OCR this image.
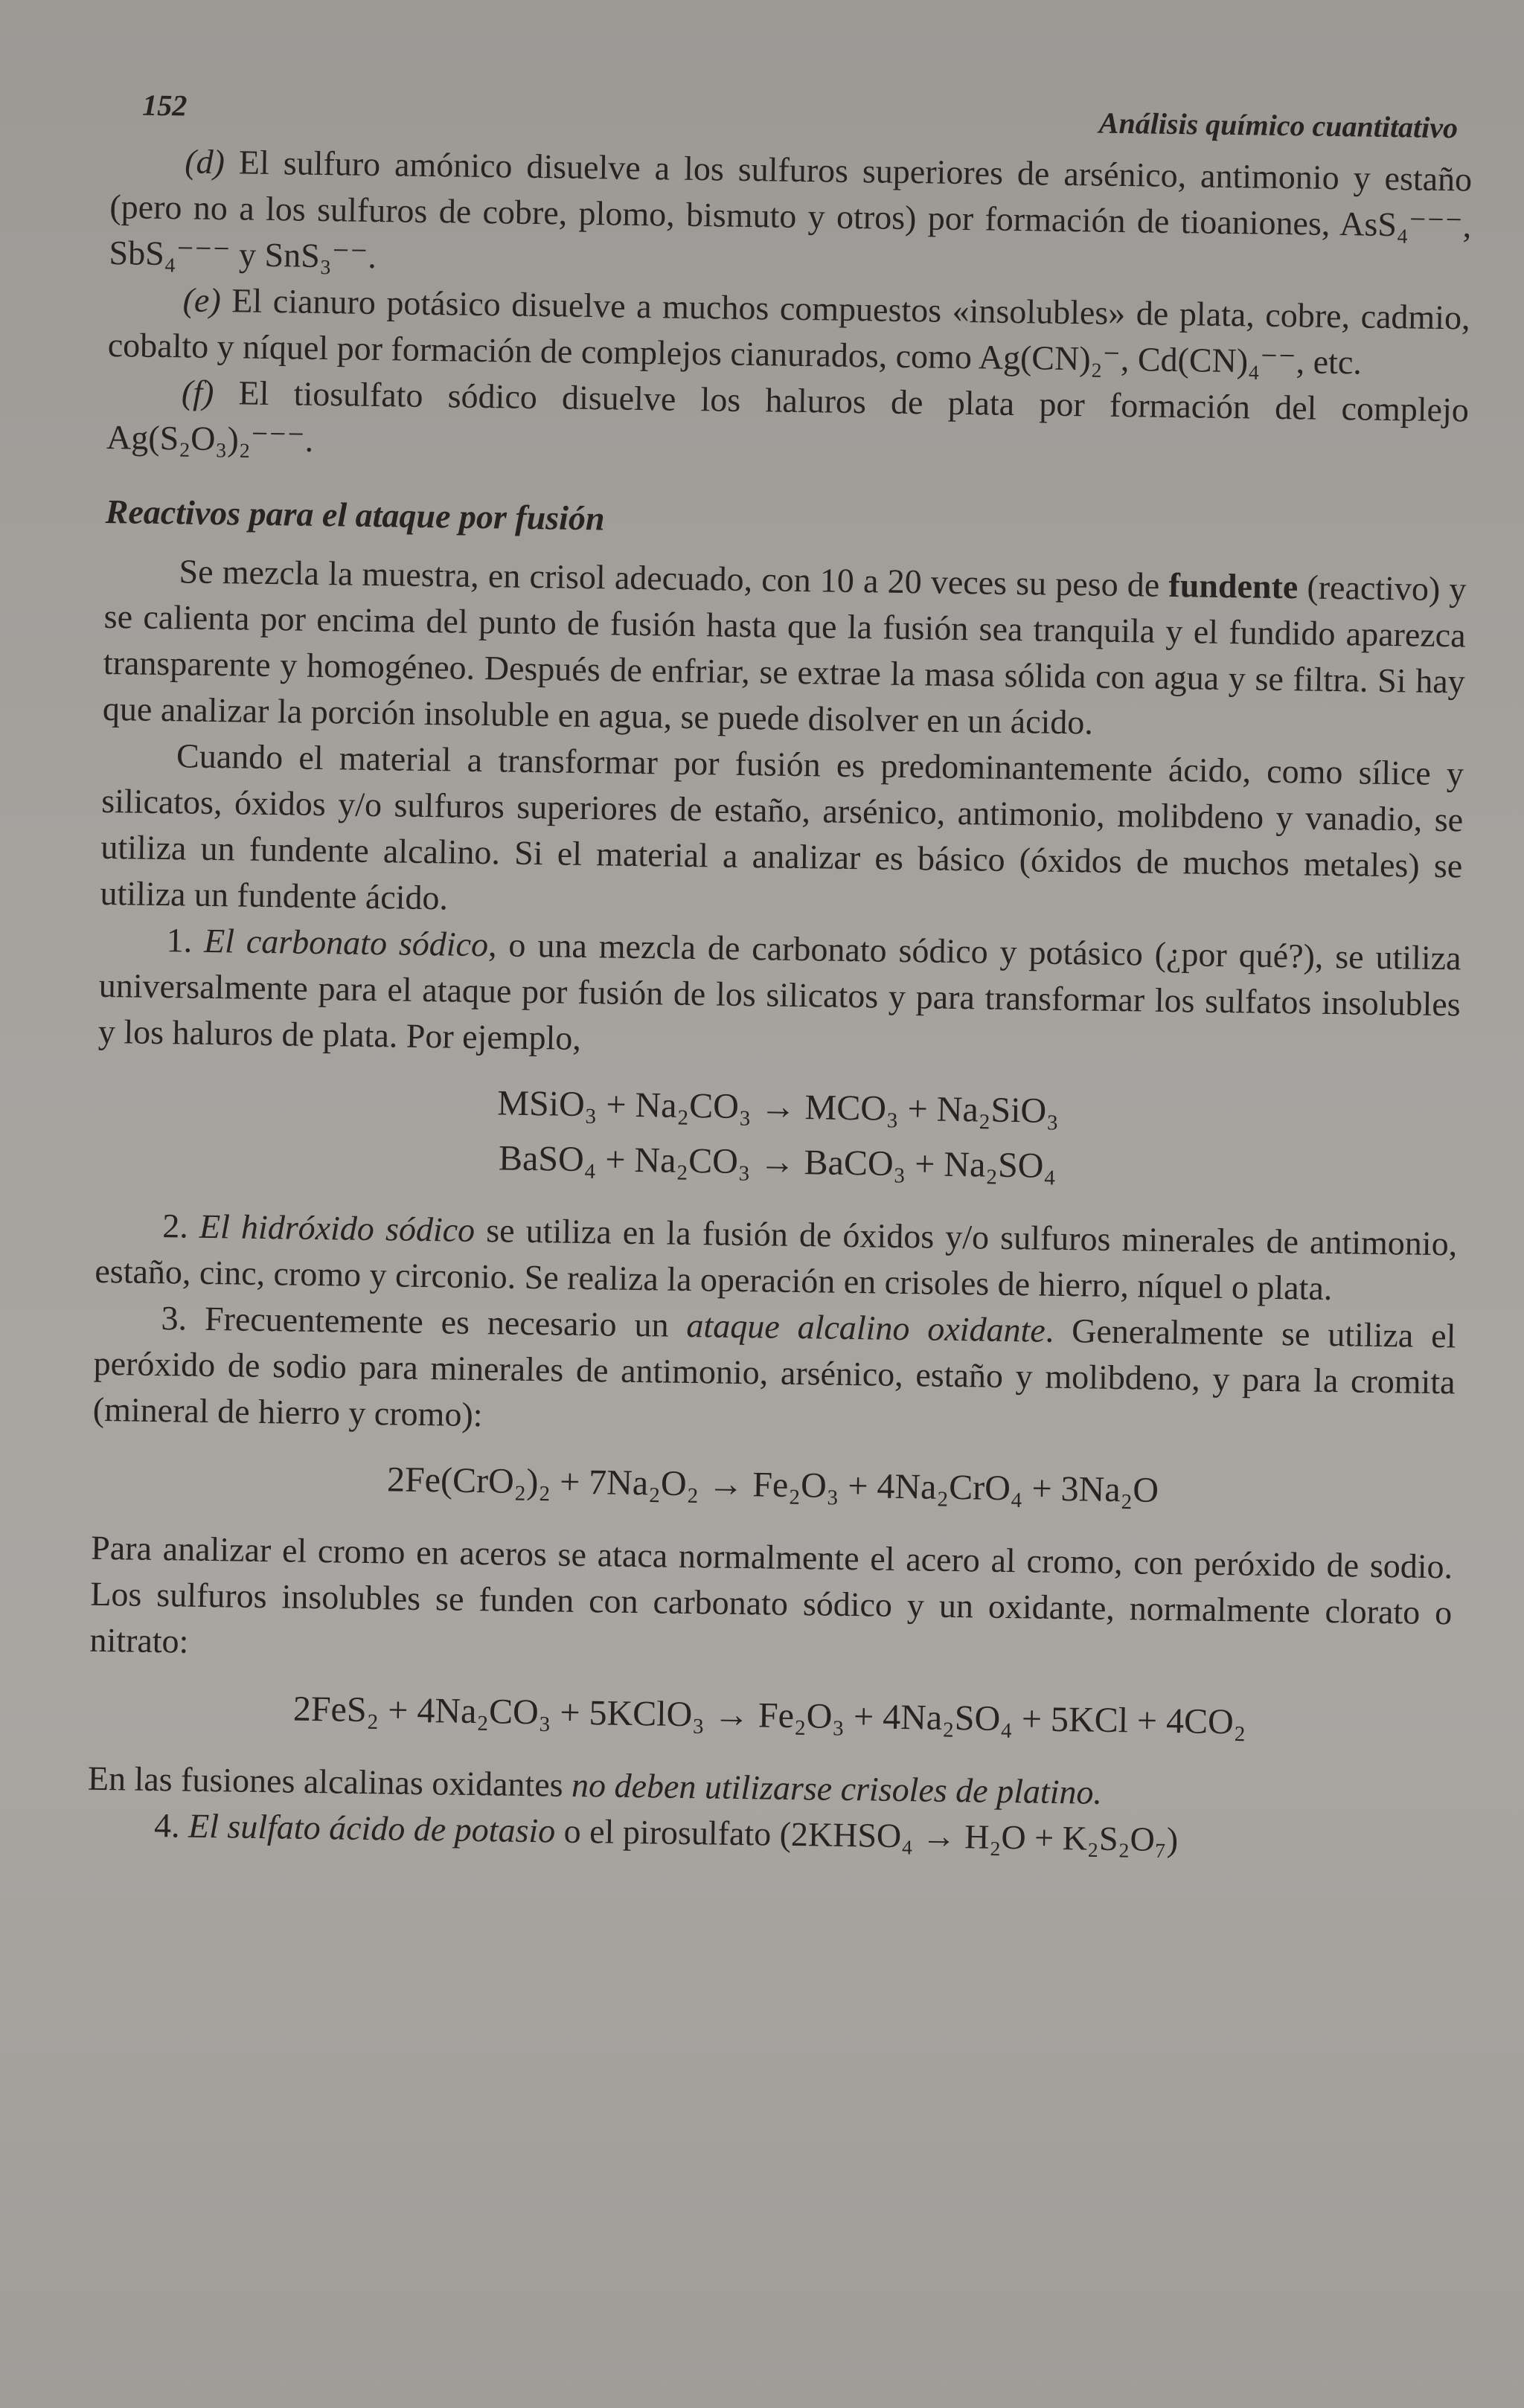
152
Análisis químico cuantitativo

(d) El sulfuro amónico disuelve a los sulfuros superiores de arsénico, antimonio y estaño (pero no a los sulfuros de cobre, plomo, bismuto y otros) por formación de tioaniones, AsS₄⁻⁻⁻, SbS₄⁻⁻⁻ y SnS₃⁻⁻.

(e) El cianuro potásico disuelve a muchos compuestos «insolubles» de plata, cobre, cadmio, cobalto y níquel por formación de complejos cianurados, como Ag(CN)₂⁻, Cd(CN)₄⁻⁻, etc.

(f) El tiosulfato sódico disuelve los haluros de plata por formación del complejo Ag(S₂O₃)₂⁻⁻⁻.

Reactivos para el ataque por fusión

Se mezcla la muestra, en crisol adecuado, con 10 a 20 veces su peso de fundente (reactivo) y se calienta por encima del punto de fusión hasta que la fusión sea tranquila y el fundido aparezca transparente y homogéneo. Después de enfriar, se extrae la masa sólida con agua y se filtra. Si hay que analizar la porción insoluble en agua, se puede disolver en un ácido.

Cuando el material a transformar por fusión es predominantemente ácido, como sílice y silicatos, óxidos y/o sulfuros superiores de estaño, arsénico, antimonio, molibdeno y vanadio, se utiliza un fundente alcalino. Si el material a analizar es básico (óxidos de muchos metales) se utiliza un fundente ácido.

1. El carbonato sódico, o una mezcla de carbonato sódico y potásico (¿por qué?), se utiliza universalmente para el ataque por fusión de los silicatos y para transformar los sulfatos insolubles y los haluros de plata. Por ejemplo,

MSiO₃ + Na₂CO₃ → MCO₃ + Na₂SiO₃
BaSO₄ + Na₂CO₃ → BaCO₃ + Na₂SO₄

2. El hidróxido sódico se utiliza en la fusión de óxidos y/o sulfuros minerales de antimonio, estaño, cinc, cromo y circonio. Se realiza la operación en crisoles de hierro, níquel o plata.

3. Frecuentemente es necesario un ataque alcalino oxidante. Generalmente se utiliza el peróxido de sodio para minerales de antimonio, arsénico, estaño y molibdeno, y para la cromita (mineral de hierro y cromo):

2Fe(CrO₂)₂ + 7Na₂O₂ → Fe₂O₃ + 4Na₂CrO₄ + 3Na₂O

Para analizar el cromo en aceros se ataca normalmente el acero al cromo, con peróxido de sodio. Los sulfuros insolubles se funden con carbonato sódico y un oxidante, normalmente clorato o nitrato:

2FeS₂ + 4Na₂CO₃ + 5KClO₃ → Fe₂O₃ + 4Na₂SO₄ + 5KCl + 4CO₂

En las fusiones alcalinas oxidantes no deben utilizarse crisoles de platino.

4. El sulfato ácido de potasio o el pirosulfato (2KHSO₄ → H₂O + K₂S₂O₇)
